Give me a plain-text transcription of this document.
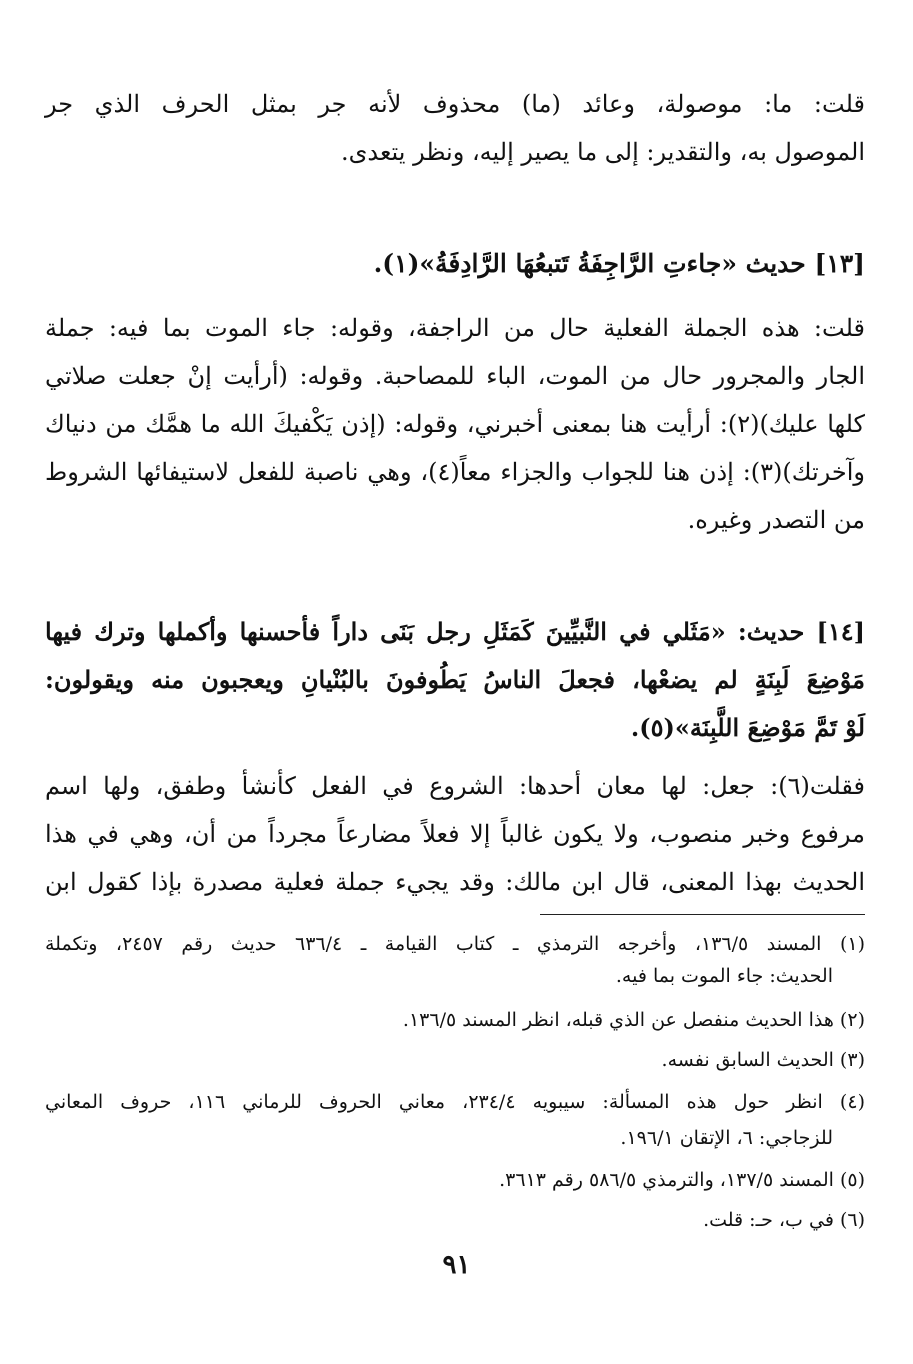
قلت: ما: موصولة، وعائد (ما) محذوف لأنه جر بمثل الحرف الذي جر
الموصول به، والتقدير: إلى ما يصير إليه، ونظر يتعدى.
[١٣] حديث «جاءتِ الرَّاجِفَةُ تَتبعُهَا الرَّادِفَةُ»(١).
قلت: هذه الجملة الفعلية حال من الراجفة، وقوله: جاء الموت بما فيه: جملة
الجار والمجرور حال من الموت، الباء للمصاحبة. وقوله: (أرأيت إنْ جعلت صلاتي
كلها عليك)(٢): أرأيت هنا بمعنى أخبرني، وقوله: (إذن يَكْفيكَ الله ما همَّك من دنياك
وآخرتك)(٣): إذن هنا للجواب والجزاء معاً(٤)، وهي ناصبة للفعل لاستيفائها الشروط
من التصدر وغيره.
[١٤] حديث: «مَثَلي في النَّبيِّينَ كَمَثَلِ رجل بَنَى داراً فأحسنها وأكملها وترك فيها
مَوْضِعَ لَبِنَةٍ لم يضعْها، فجعلَ الناسُ يَطُوفونَ بالبُنْيانِ ويعجبون منه ويقولون:
لَوْ تَمَّ مَوْضِعَ اللَّبِنَة»(٥).
فقلت(٦): جعل: لها معان أحدها: الشروع في الفعل كأنشأ وطفق، ولها اسم
مرفوع وخبر منصوب، ولا يكون غالباً إلا فعلاً مضارعاً مجرداً من أن، وهي في هذا
الحديث بهذا المعنى، قال ابن مالك: وقد يجيء جملة فعلية مصدرة بإذا كقول ابن
(١) المسند ١٣٦/٥، وأخرجه الترمذي ـ كتاب القيامة ـ ٦٣٦/٤ حديث رقم ٢٤٥٧، وتكملة
الحديث: جاء الموت بما فيه.
(٢) هذا الحديث منفصل عن الذي قبله، انظر المسند ١٣٦/٥.
(٣) الحديث السابق نفسه.
(٤) انظر حول هذه المسألة: سيبويه ٢٣٤/٤، معاني الحروف للرماني ١١٦، حروف المعاني
للزجاجي: ٦، الإتقان ١٩٦/١.
(٥) المسند ١٣٧/٥، والترمذي ٥٨٦/٥ رقم ٣٦١٣.
(٦) في ب، حـ: قلت.
٩١
